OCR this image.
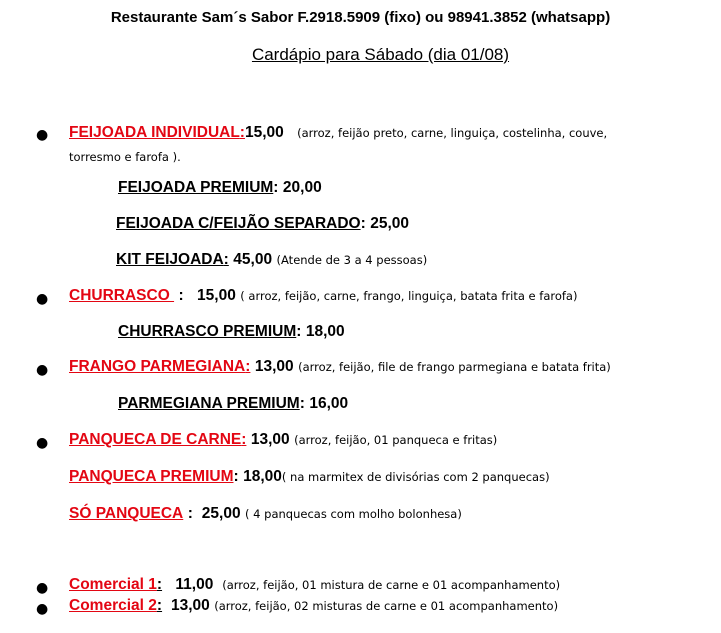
Restaurante Sam´s Sabor F.2918.5909 (fixo) ou 98941.3852 (whatsapp)
Cardápio para Sábado (dia 01/08)
● FEIJOADA INDIVIDUAL:15,00 (arroz, feijão preto, carne, linguiça, costelinha, couve,
torresmo e farofa ).
FEIJOADA PREMIUM: 20,00
FEIJOADA C/FEIJÃO SEPARADO: 25,00
KIT FEIJOADA: 45,00 (Atende de 3 a 4 pessoas)
● CHURRASCO  : 15,00 ( arroz, feijão, carne, frango, linguiça, batata frita e farofa)
CHURRASCO PREMIUM: 18,00
● FRANGO PARMEGIANA: 13,00 (arroz, feijão, file de frango parmegiana e batata frita)
PARMEGIANA PREMIUM: 16,00
● PANQUECA DE CARNE: 13,00 (arroz, feijão, 01 panqueca e fritas)
PANQUECA PREMIUM: 18,00( na marmitex de divisórias com 2 panquecas)
SÓ PANQUECA : 25,00 ( 4 panquecas com molho bolonhesa)
● Comercial 1: 11,00 (arroz, feijão, 01 mistura de carne e 01 acompanhamento)
● Comercial 2: 13,00 (arroz, feijão, 02 misturas de carne e 01 acompanhamento)
